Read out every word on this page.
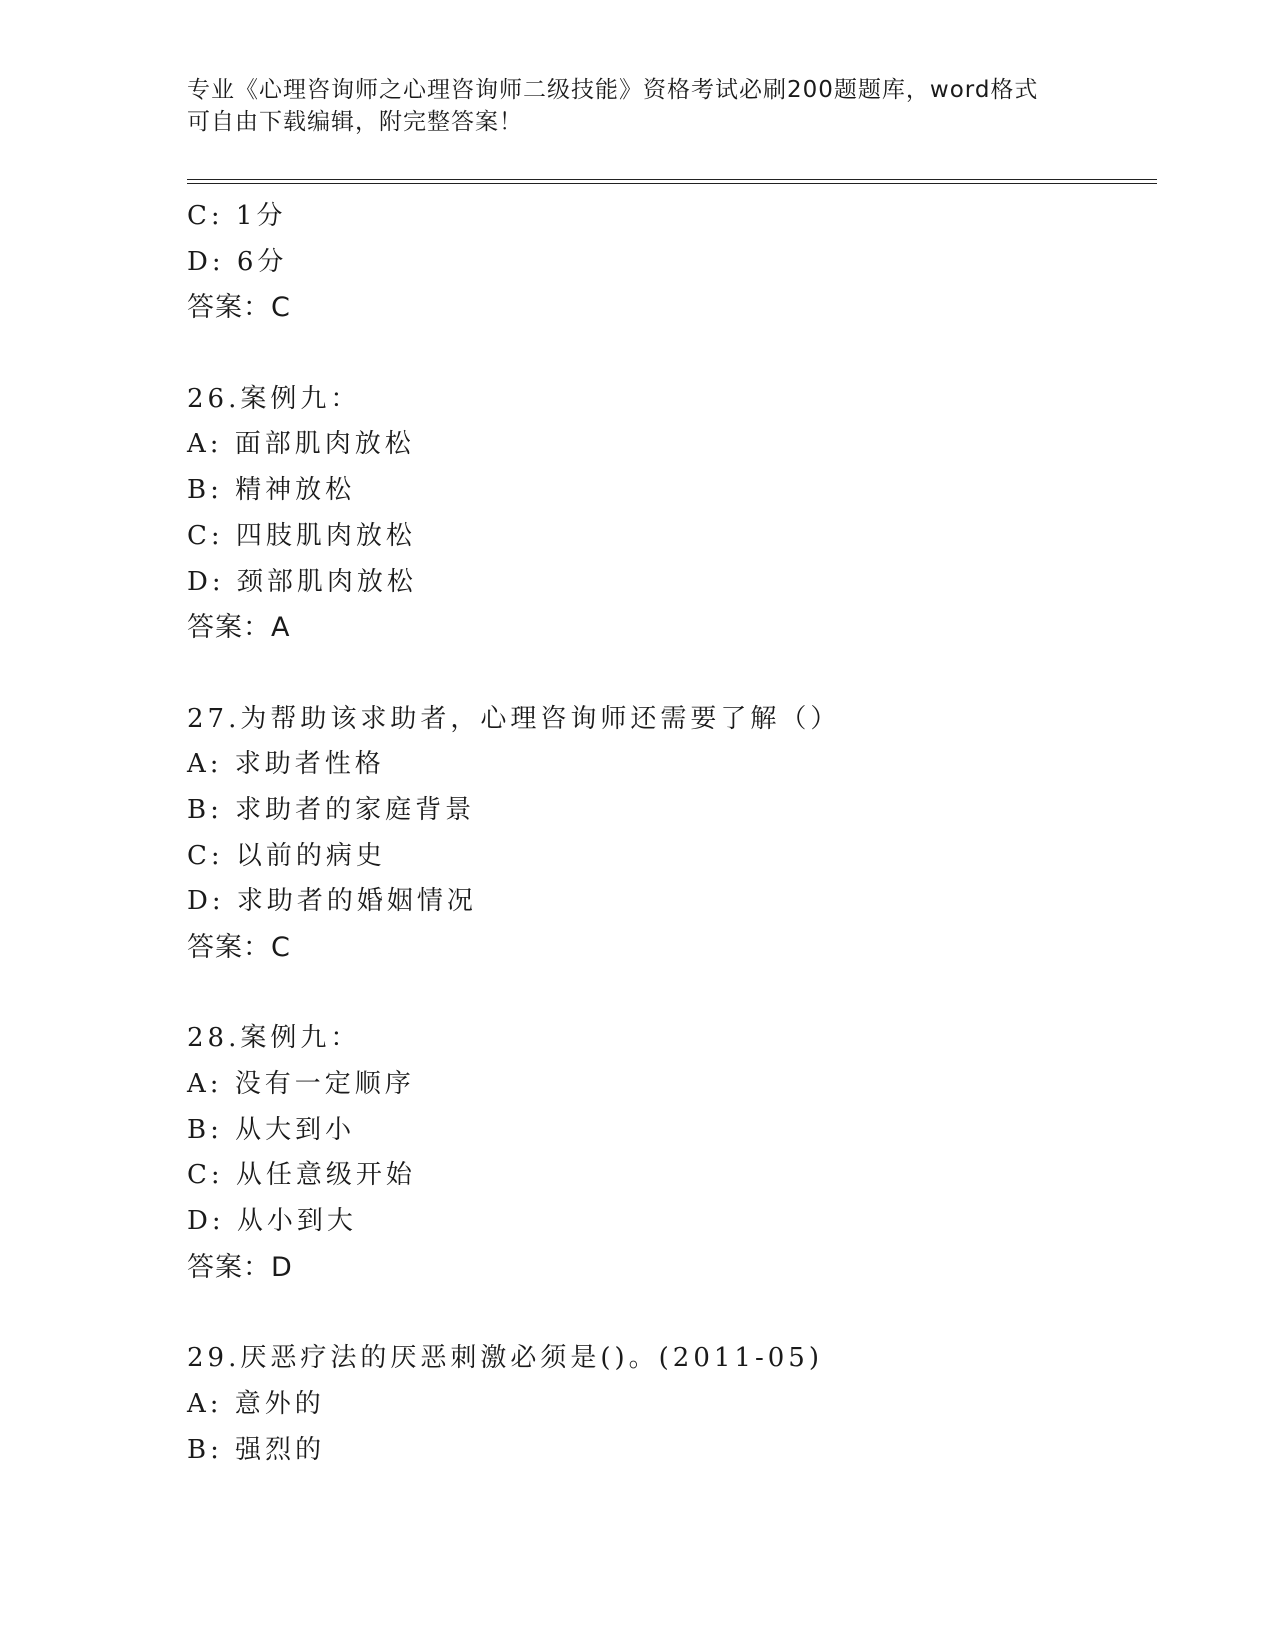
专业《心理咨询师之心理咨询师二级技能》资格考试必刷200题题库，word格式
可自由下载编辑，附完整答案！
C: 1分
D: 6分
答案：C
26.案例九：
A: 面部肌肉放松
B: 精神放松
C: 四肢肌肉放松
D: 颈部肌肉放松
答案：A
27.为帮助该求助者，心理咨询师还需要了解（）
A: 求助者性格
B: 求助者的家庭背景
C: 以前的病史
D: 求助者的婚姻情况
答案：C
28.案例九：
A: 没有一定顺序
B: 从大到小
C: 从任意级开始
D: 从小到大
答案：D
29.厌恶疗法的厌恶刺激必须是()。(2011-05)
A: 意外的
B: 强烈的
